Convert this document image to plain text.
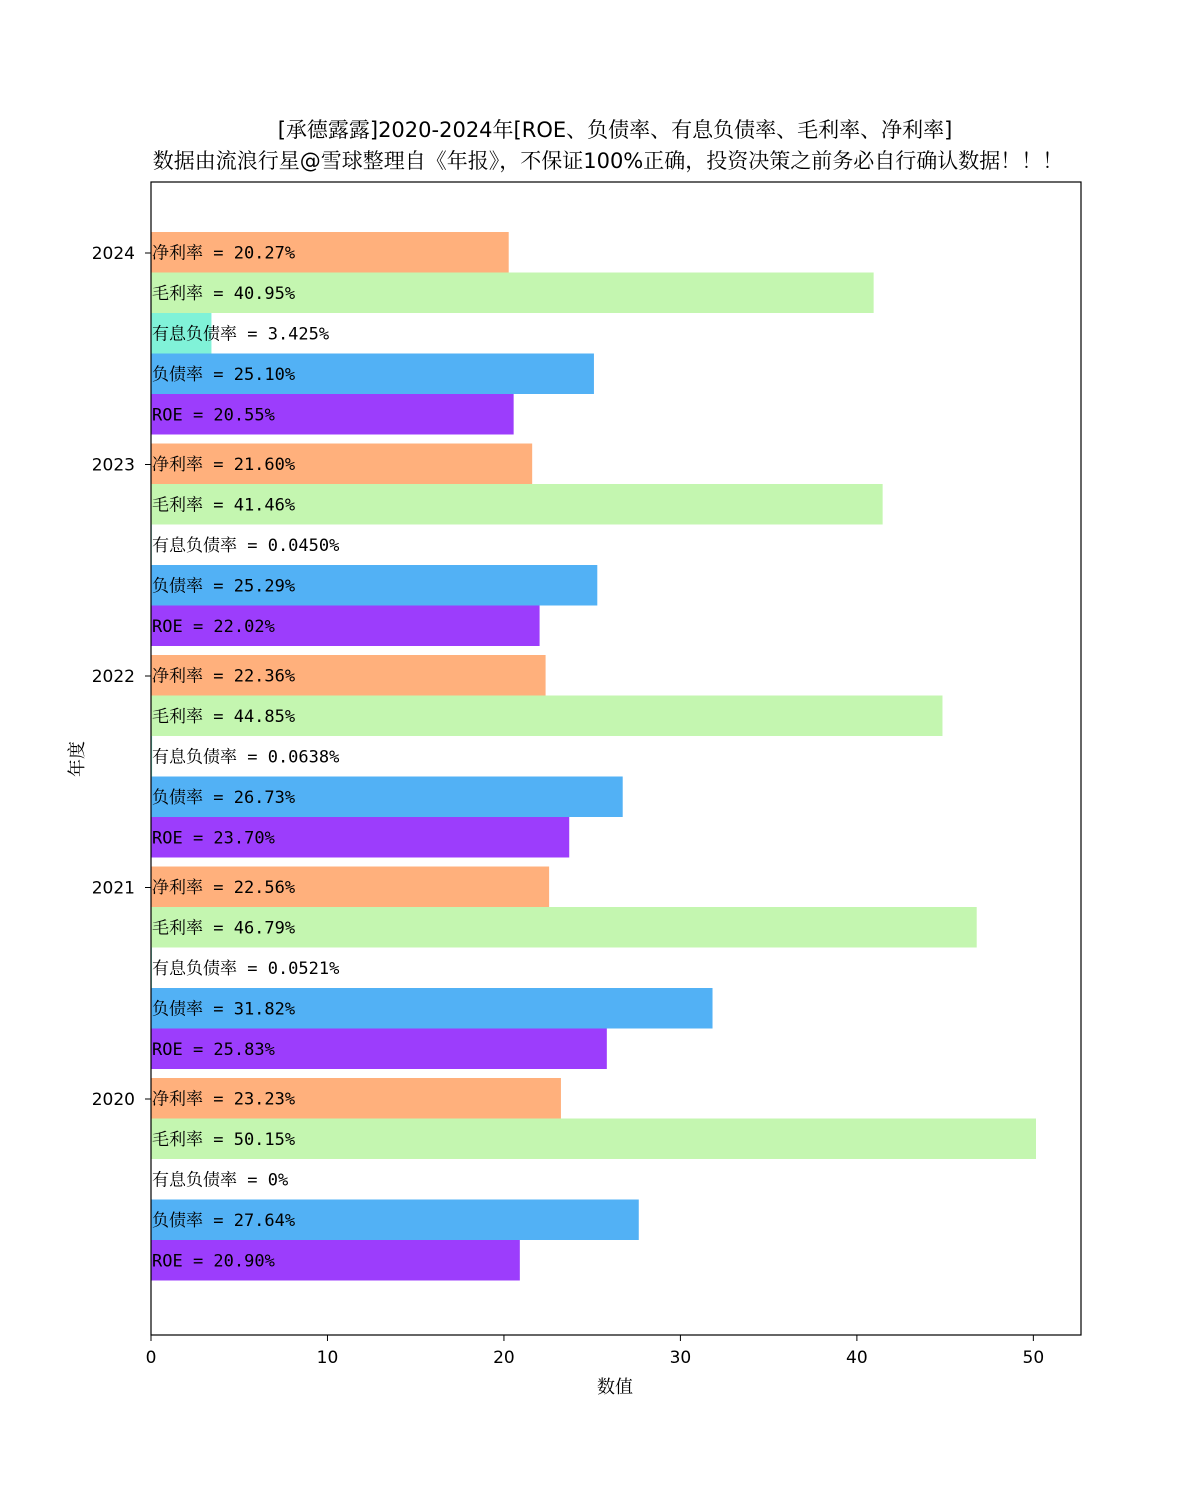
[承德露露]2020-2024年[ROE、负债率、有息负债率、毛利率、净利率]
数据由流浪行星@雪球整理自《年报》，不保证100%正确，投资决策之前务必自行确认数据！！！
净利率 = 20.27%
毛利率 = 40.95%
有息负债率 = 3.425%
负债率 = 25.10%
ROE = 20.55%
净利率 = 21.60%
毛利率 = 41.46%
有息负债率 = 0.0450%
负债率 = 25.29%
ROE = 22.02%
净利率 = 22.36%
毛利率 = 44.85%
有息负债率 = 0.0638%
负债率 = 26.73%
ROE = 23.70%
净利率 = 22.56%
毛利率 = 46.79%
有息负债率 = 0.0521%
负债率 = 31.82%
ROE = 25.83%
净利率 = 23.23%
毛利率 = 50.15%
有息负债率 = 0%
负债率 = 27.64%
ROE = 20.90%
0	10	20	30	40	50
2024
2023
2022
2021
2020
数值
年度
